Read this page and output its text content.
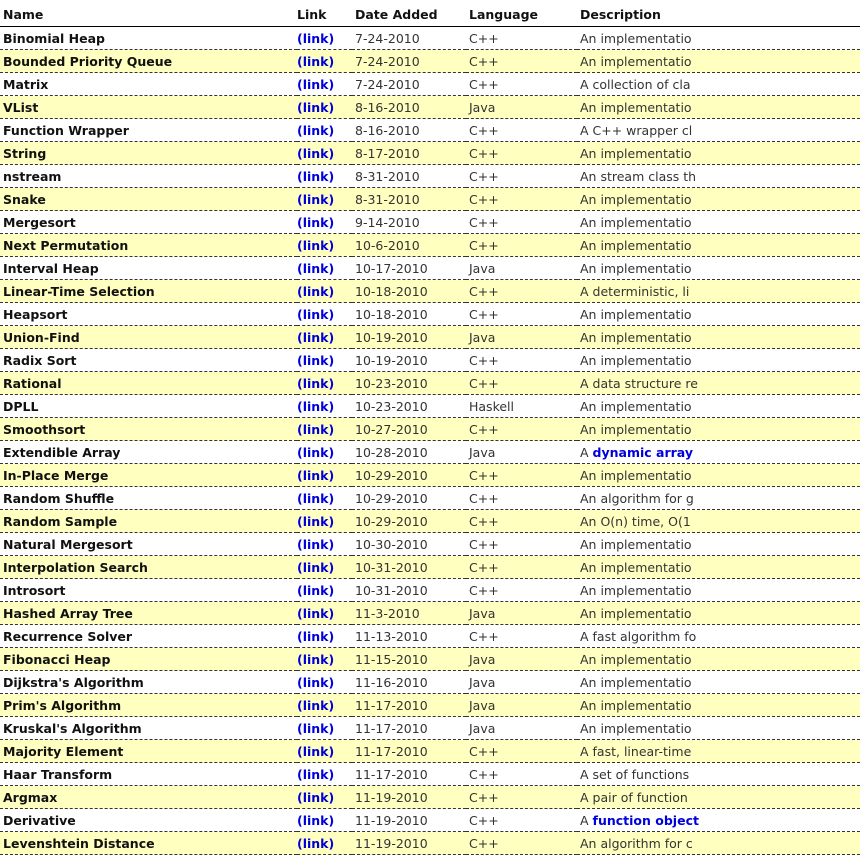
Name	Link	Date Added	Language	Description
Binomial Heap	(link)	7-24-2010	C++	An implementatio
Bounded Priority Queue	(link)	7-24-2010	C++	An implementatio
Matrix	(link)	7-24-2010	C++	A collection of cla
VList	(link)	8-16-2010	Java	An implementatio
Function Wrapper	(link)	8-16-2010	C++	A C++ wrapper cl
String	(link)	8-17-2010	C++	An implementatio
nstream	(link)	8-31-2010	C++	An stream class th
Snake	(link)	8-31-2010	C++	An implementatio
Mergesort	(link)	9-14-2010	C++	An implementatio
Next Permutation	(link)	10-6-2010	C++	An implementatio
Interval Heap	(link)	10-17-2010	Java	An implementatio
Linear-Time Selection	(link)	10-18-2010	C++	A deterministic, li
Heapsort	(link)	10-18-2010	C++	An implementatio
Union-Find	(link)	10-19-2010	Java	An implementatio
Radix Sort	(link)	10-19-2010	C++	An implementatio
Rational	(link)	10-23-2010	C++	A data structure re
DPLL	(link)	10-23-2010	Haskell	An implementatio
Smoothsort	(link)	10-27-2010	C++	An implementatio
Extendible Array	(link)	10-28-2010	Java	A dynamic array
In-Place Merge	(link)	10-29-2010	C++	An implementatio
Random Shuffle	(link)	10-29-2010	C++	An algorithm for g
Random Sample	(link)	10-29-2010	C++	An O(n) time, O(1
Natural Mergesort	(link)	10-30-2010	C++	An implementatio
Interpolation Search	(link)	10-31-2010	C++	An implementatio
Introsort	(link)	10-31-2010	C++	An implementatio
Hashed Array Tree	(link)	11-3-2010	Java	An implementatio
Recurrence Solver	(link)	11-13-2010	C++	A fast algorithm fo
Fibonacci Heap	(link)	11-15-2010	Java	An implementatio
Dijkstra's Algorithm	(link)	11-16-2010	Java	An implementatio
Prim's Algorithm	(link)	11-17-2010	Java	An implementatio
Kruskal's Algorithm	(link)	11-17-2010	Java	An implementatio
Majority Element	(link)	11-17-2010	C++	A fast, linear-time
Haar Transform	(link)	11-17-2010	C++	A set of functions
Argmax	(link)	11-19-2010	C++	A pair of function
Derivative	(link)	11-19-2010	C++	A function object
Levenshtein Distance	(link)	11-19-2010	C++	An algorithm for c
